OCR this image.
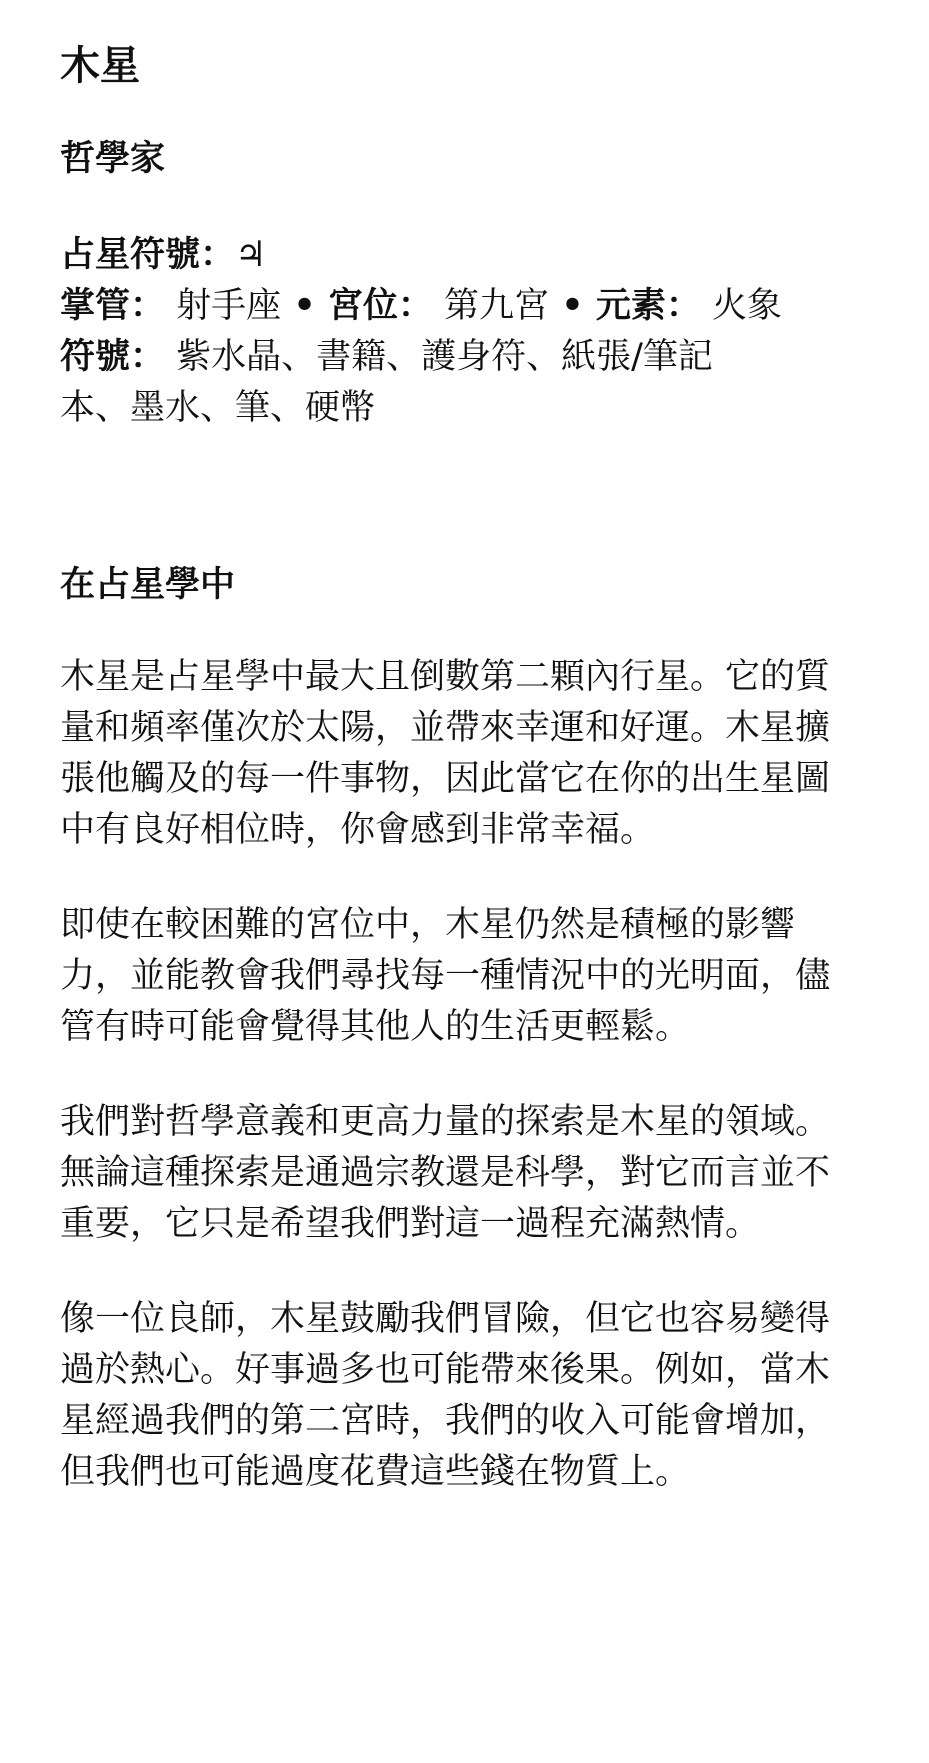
木星
哲學家
占星符號：♃
掌管： 射手座 • 宮位： 第九宮 • 元素： 火象
符號： 紫水晶、書籍、護身符、紙張/筆記本、墨水、筆、硬幣
在占星學中

木星是占星學中最大且倒數第二顆內行星。它的質量和頻率僅次於太陽，並帶來幸運和好運。木星擴張他觸及的每一件事物，因此當它在你的出生星圖中有良好相位時，你會感到非常幸福。

即使在較困難的宮位中，木星仍然是積極的影響力，並能教會我們尋找每一種情況中的光明面，儘管有時可能會覺得其他人的生活更輕鬆。

我們對哲學意義和更高力量的探索是木星的領域。無論這種探索是通過宗教還是科學，對它而言並不重要，它只是希望我們對這一過程充滿熱情。

像一位良師，木星鼓勵我們冒險，但它也容易變得過於熱心。好事過多也可能帶來後果。例如，當木星經過我們的第二宮時，我們的收入可能會增加，但我們也可能過度花費這些錢在物質上。
